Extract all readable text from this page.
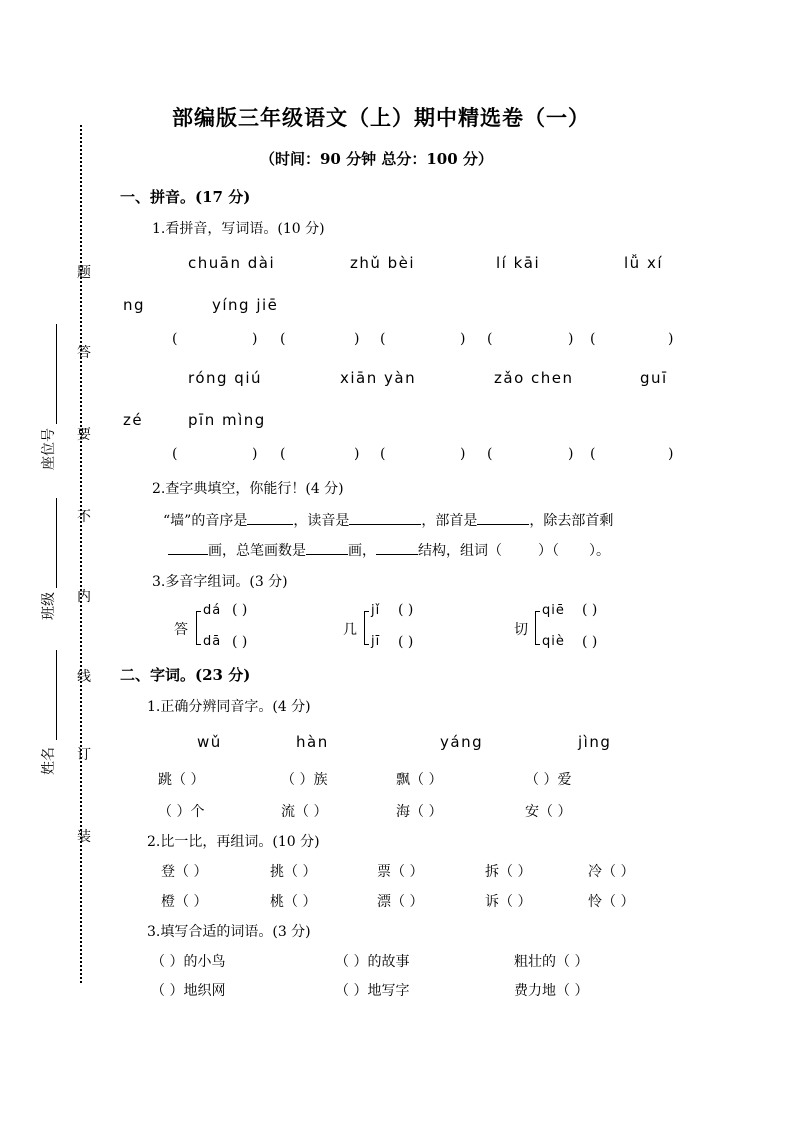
题
答
要
不
内
线
订
装
座位号
班级
姓名
部编版三年级语文（上）期中精选卷（一）
（时间：90 分钟 总分：100 分）
一、拼音。(17 分)
1.看拼音，写词语。(10 分)
chuān dài	zhǔ bèi	lí kāi	lǚ xí
ng	yíng jiē
(	) (	) (	) (	) (	)
róng qiú	xiān yàn	zǎo chen	guī
zé	pīn mìng
(	) (	) (	) (	) (	)
2.查字典填空，你能行！(4 分)
“墙”的音序是	，读音是	，部首是	，除去部首剩
画，总笔画数是	画，	结构，组词（	）（ ）。
3.多音字组词。(3 分)
答
dá ( )
dā ( )
几
jǐ ( )
jī ( )
切
qiē ( )
qiè ( )
二、字词。(23 分)
1.正确分辨同音字。(4 分)
wǔ	hàn	yáng	jìng
跳（ ）	（ ）族	飘（ ）	（ ）爱
（ ）个	流（ ）	海（ ）	安（ ）
2.比一比，再组词。(10 分)
登（ ）	挑（ ）	票（ ）	拆（ ）	冷（ ）
橙（ ）	桃（ ）	漂（ ）	诉（ ）	怜（ ）
3.填写合适的词语。(3 分)
（ ）的小鸟	（ ）的故事	粗壮的（ ）
（ ）地织网	（ ）地写字	费力地（ ）
